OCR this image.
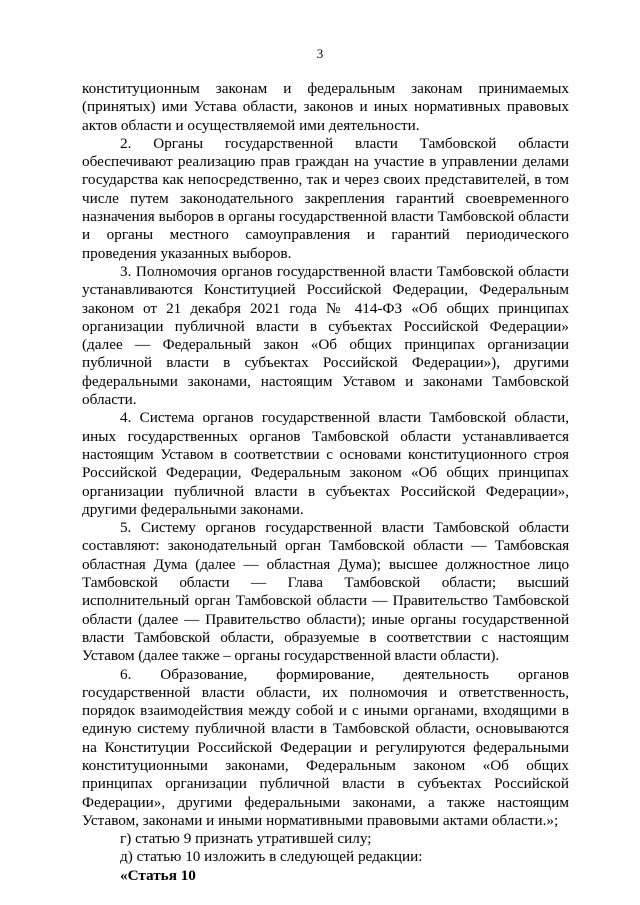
3

конституционным законам и федеральным законам принимаемых (принятых) ими Устава области, законов и иных нормативных правовых актов области и осуществляемой ими деятельности.

2. Органы государственной власти Тамбовской области обеспечивают реализацию прав граждан на участие в управлении делами государства как непосредственно, так и через своих представителей, в том числе путем законодательного закрепления гарантий своевременного назначения выборов в органы государственной власти Тамбовской области и органы местного самоуправления и гарантий периодического проведения указанных выборов.

3. Полномочия органов государственной власти Тамбовской области устанавливаются Конституцией Российской Федерации, Федеральным законом от 21 декабря 2021 года № 414-ФЗ «Об общих принципах организации публичной власти в субъектах Российской Федерации» (далее — Федеральный закон «Об общих принципах организации публичной власти в субъектах Российской Федерации»), другими федеральными законами, настоящим Уставом и законами Тамбовской области.

4. Система органов государственной власти Тамбовской области, иных государственных органов Тамбовской области устанавливается настоящим Уставом в соответствии с основами конституционного строя Российской Федерации, Федеральным законом «Об общих принципах организации публичной власти в субъектах Российской Федерации», другими федеральными законами.

5. Систему органов государственной власти Тамбовской области составляют: законодательный орган Тамбовской области — Тамбовская областная Дума (далее — областная Дума); высшее должностное лицо Тамбовской области — Глава Тамбовской области; высший исполнительный орган Тамбовской области — Правительство Тамбовской области (далее — Правительство области); иные органы государственной власти Тамбовской области, образуемые в соответствии с настоящим Уставом (далее также – органы государственной власти области).

6. Образование, формирование, деятельность органов государственной власти области, их полномочия и ответственность, порядок взаимодействия между собой и с иными органами, входящими в единую систему публичной власти в Тамбовской области, основываются на Конституции Российской Федерации и регулируются федеральными конституционными законами, Федеральным законом «Об общих принципах организации публичной власти в субъектах Российской Федерации», другими федеральными законами, а также настоящим Уставом, законами и иными нормативными правовыми актами области.»;

г) статью 9 признать утратившей силу;

д) статью 10 изложить в следующей редакции:

«Статья 10
